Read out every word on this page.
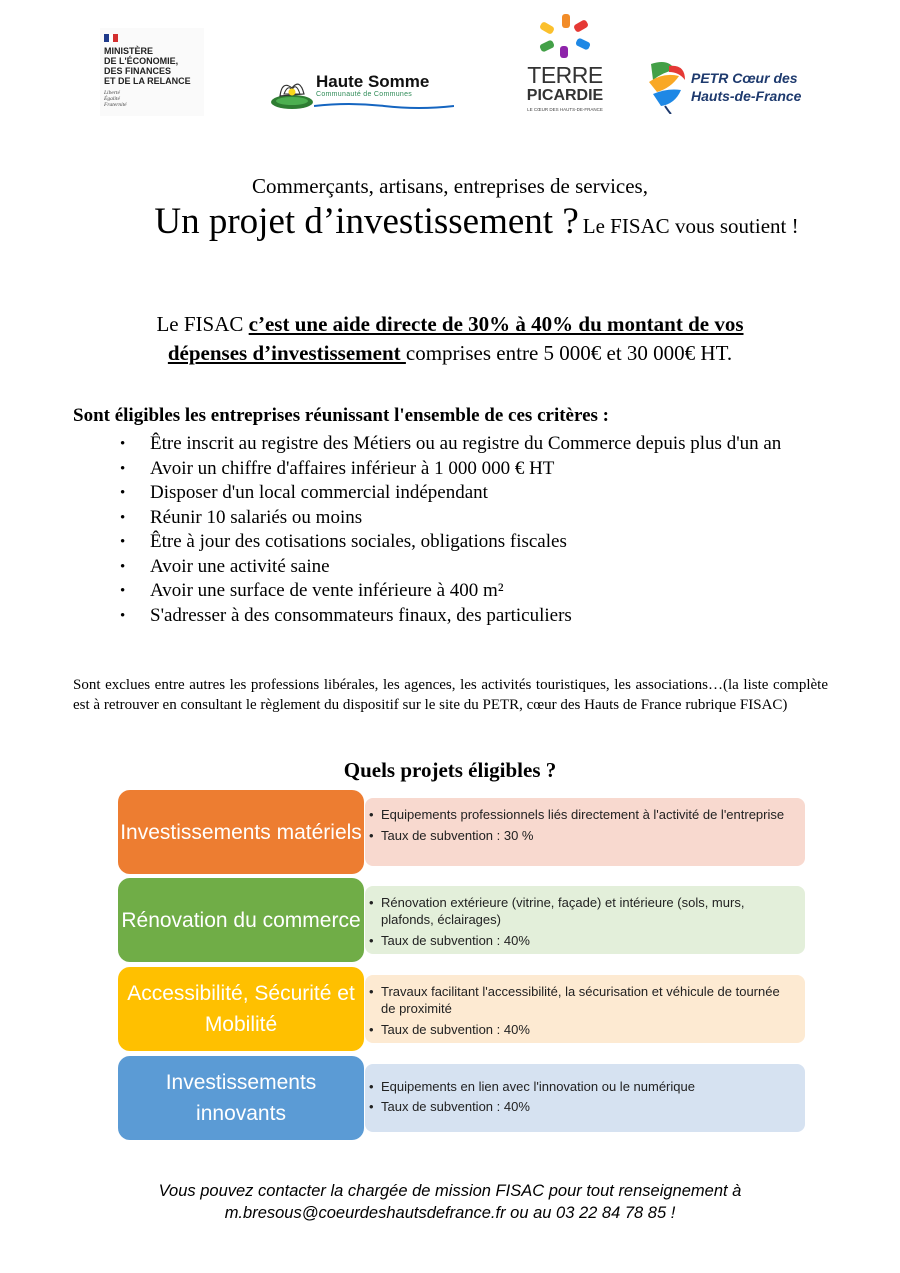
MINISTÈRE
DE L'ÉCONOMIE,
DES FINANCES
ET DE LA RELANCE
Liberté
Égalité
Fraternité
Haute Somme
Communauté de Communes
TERRE
PICARDIE
LE CŒUR DES HAUTS-DE-FRANCE
PETR Cœur des
Hauts-de-France
Commerçants, artisans, entreprises de services,
Un projet d’investissement ? Le FISAC vous soutient !
Le FISAC c’est une aide directe de 30% à 40% du montant de vos
dépenses d’investissement comprises entre 5 000€ et 30 000€ HT.
Sont éligibles les entreprises réunissant l'ensemble de ces critères :
• Être inscrit au registre des Métiers ou au registre du Commerce depuis plus d'un an
• Avoir un chiffre d'affaires inférieur à 1 000 000 € HT
• Disposer d'un local commercial indépendant
• Réunir 10 salariés ou moins
• Être à jour des cotisations sociales, obligations fiscales
• Avoir une activité saine
• Avoir une surface de vente inférieure à 400 m²
• S'adresser à des consommateurs finaux, des particuliers
Sont exclues entre autres les professions libérales, les agences, les activités touristiques, les associations…(la liste complète est à retrouver en consultant le règlement du dispositif sur le site du PETR, cœur des Hauts de France rubrique FISAC)
Quels projets éligibles ?
• Equipements professionnels liés directement à l'activité de l'entreprise
• Taux de subvention : 30 %
Investissements matériels
• Rénovation extérieure (vitrine, façade) et intérieure (sols, murs, plafonds, éclairages)
• Taux de subvention : 40%
Rénovation du commerce
• Travaux facilitant l'accessibilité, la sécurisation et véhicule de tournée de proximité
• Taux de subvention : 40%
Accessibilité, Sécurité et Mobilité
• Equipements en lien avec l'innovation ou le numérique
• Taux de subvention : 40%
Investissements innovants
Vous pouvez contacter la chargée de mission FISAC pour tout renseignement à
m.bresous@coeurdeshautsdefrance.fr ou au 03 22 84 78 85 !
